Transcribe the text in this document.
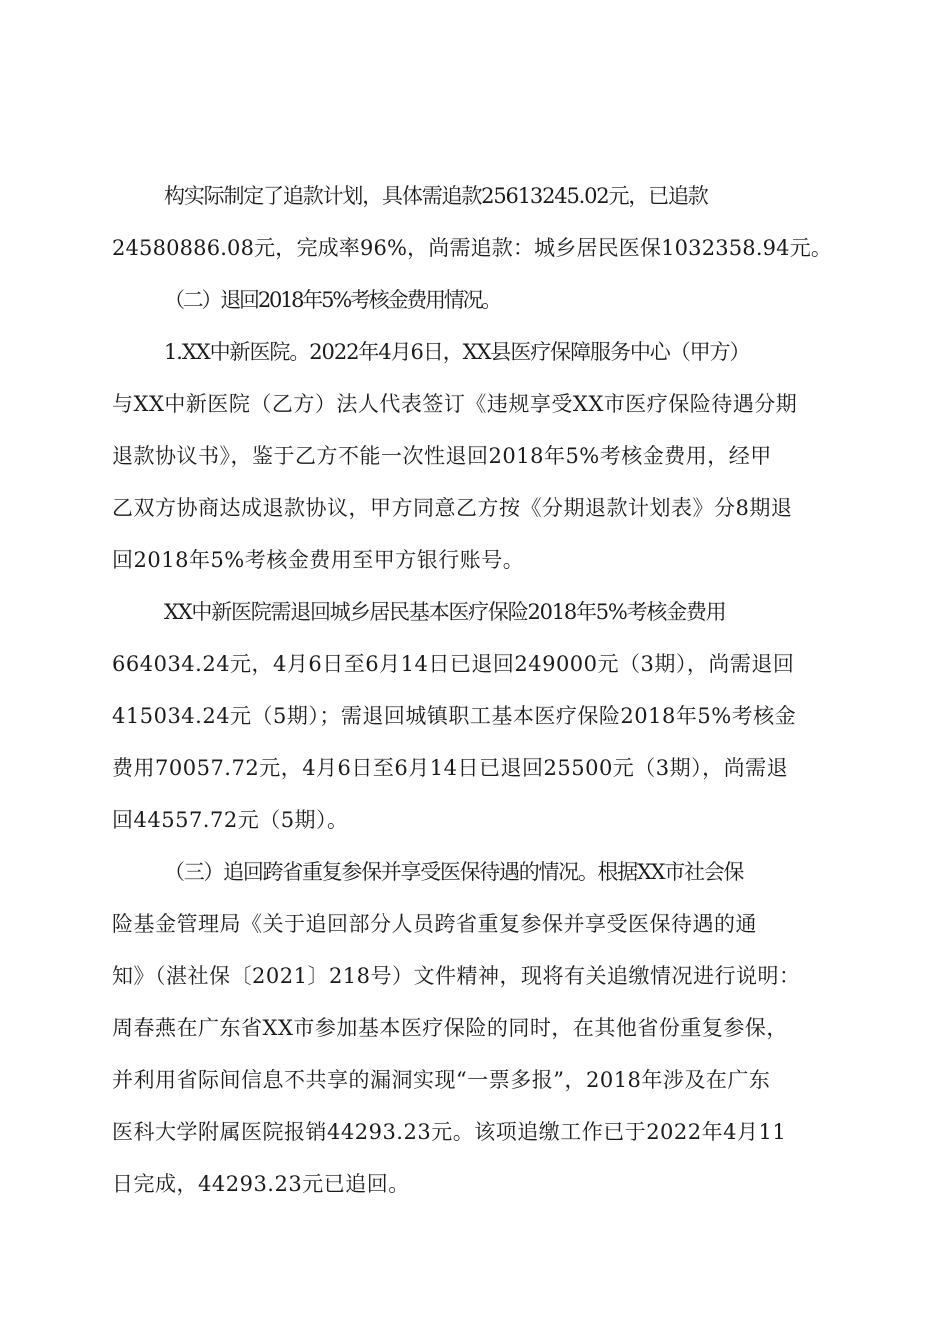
构实际制定了追款计划，具体需追款25613245.02元，已追款
24580886.08元，完成率96%，尚需追款：城乡居民医保1032358.94元。
（二）退回2018年5%考核金费用情况。
1.XX中新医院。2022年4月6日，XX县医疗保障服务中心（甲方）
与XX中新医院（乙方）法人代表签订《违规享受XX市医疗保险待遇分期
退款协议书》，鉴于乙方不能一次性退回2018年5%考核金费用，经甲
乙双方协商达成退款协议，甲方同意乙方按《分期退款计划表》分8期退
回2018年5%考核金费用至甲方银行账号。
XX中新医院需退回城乡居民基本医疗保险2018年5%考核金费用
664034.24元，4月6日至6月14日已退回249000元（3期），尚需退回
415034.24元（5期）；需退回城镇职工基本医疗保险2018年5%考核金
费用70057.72元，4月6日至6月14日已退回25500元（3期），尚需退
回44557.72元（5期）。
（三）追回跨省重复参保并享受医保待遇的情况。根据XX市社会保
险基金管理局《关于追回部分人员跨省重复参保并享受医保待遇的通
知》（湛社保〔2021〕218号）文件精神，现将有关追缴情况进行说明：
周春燕在广东省XX市参加基本医疗保险的同时，在其他省份重复参保，
并利用省际间信息不共享的漏洞实现“一票多报”，2018年涉及在广东
医科大学附属医院报销44293.23元。该项追缴工作已于2022年4月11
日完成，44293.23元已追回。
